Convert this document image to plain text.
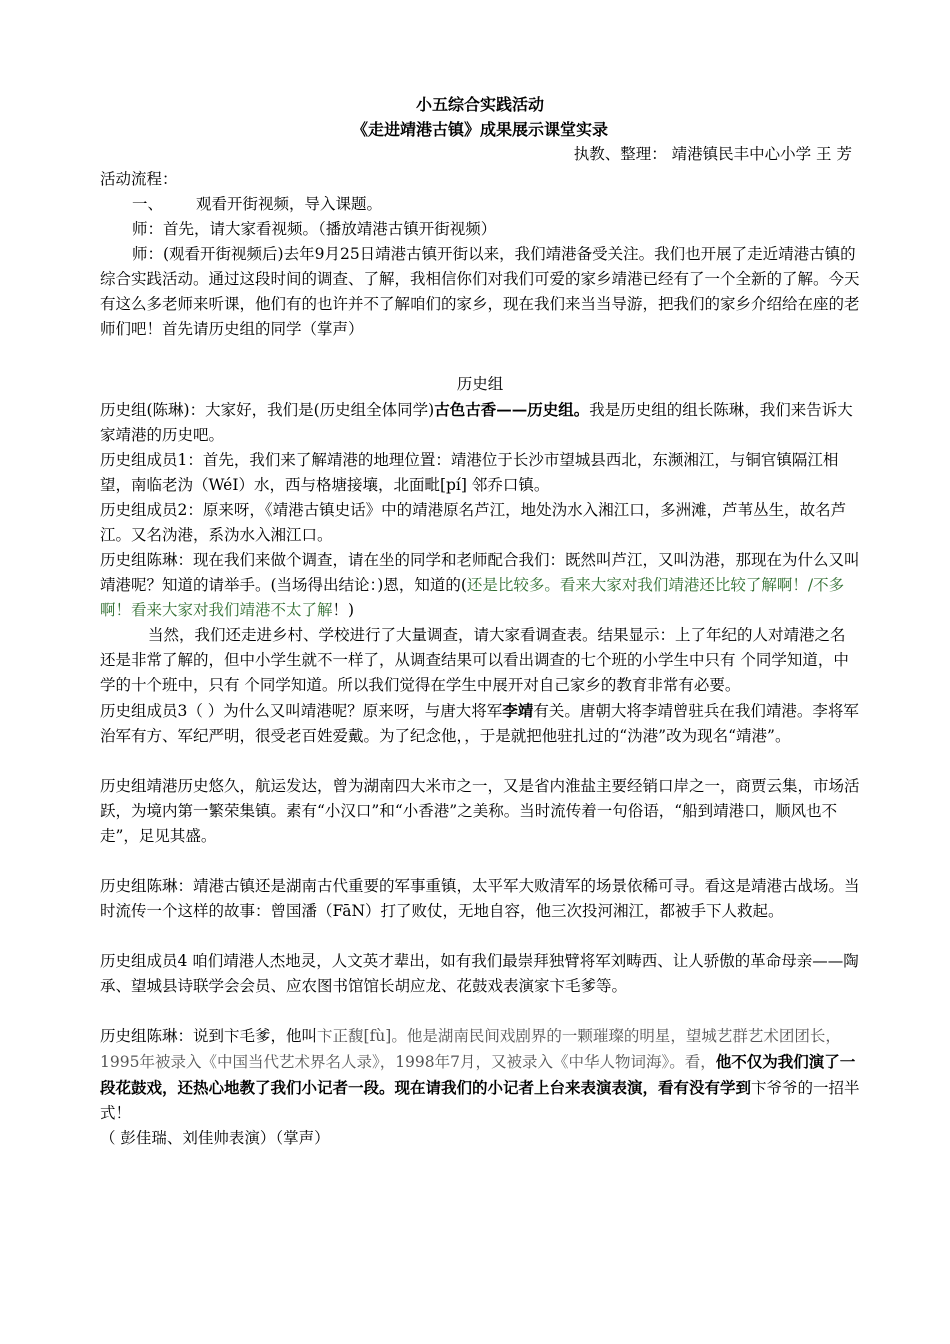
小五综合实践活动

《走进靖港古镇》成果展示课堂实录

执教、整理： 靖港镇民丰中心小学 王 芳

活动流程：

一、 观看开街视频，导入课题。

师：首先，请大家看视频。（播放靖港古镇开街视频）

师：(观看开街视频后)去年9月25日靖港古镇开街以来，我们靖港备受关注。我们也开展了走近靖港古镇的综合实践活动。通过这段时间的调查、了解，我相信你们对我们可爱的家乡靖港已经有了一个全新的了解。今天有这么多老师来听课，他们有的也许并不了解咱们的家乡，现在我们来当当导游，把我们的家乡介绍给在座的老师们吧！首先请历史组的同学（掌声）

历史组

历史组(陈琳)：大家好，我们是(历史组全体同学)古色古香——历史组。我是历史组的组长陈琳，我们来告诉大家靖港的历史吧。

历史组成员1：首先，我们来了解靖港的地理位置：靖港位于长沙市望城县西北，东濒湘江，与铜官镇隔江相望，南临老沩（WéI）水，西与格塘接壤，北面毗[pí] 邻乔口镇。

历史组成员2：原来呀，《靖港古镇史话》中的靖港原名芦江，地处沩水入湘江口，多洲滩，芦苇丛生，故名芦江。又名沩港，系沩水入湘江口。

历史组陈琳：现在我们来做个调查，请在坐的同学和老师配合我们：既然叫芦江，又叫沩港，那现在为什么又叫靖港呢？知道的请举手。(当场得出结论：)恩，知道的(还是比较多。看来大家对我们靖港还比较了解啊！/不多啊！看来大家对我们靖港不太了解！)

当然，我们还走进乡村、学校进行了大量调查，请大家看调查表。结果显示：上了年纪的人对靖港之名还是非常了解的，但中小学生就不一样了，从调查结果可以看出调查的七个班的小学生中只有 个同学知道，中学的十个班中，只有 个同学知道。所以我们觉得在学生中展开对自己家乡的教育非常有必要。

历史组成员3（ ）为什么又叫靖港呢？原来呀，与唐大将军李靖有关。唐朝大将李靖曾驻兵在我们靖港。李将军治军有方、军纪严明，很受老百姓爱戴。为了纪念他，，于是就把他驻扎过的“沩港”改为现名“靖港”。

历史组靖港历史悠久，航运发达，曾为湖南四大米市之一，又是省内淮盐主要经销口岸之一，商贾云集，市场活跃，为境内第一繁荣集镇。素有“小汉口”和“小香港”之美称。当时流传着一句俗语，“船到靖港口，顺风也不走”，足见其盛。

历史组陈琳：靖港古镇还是湖南古代重要的军事重镇，太平军大败清军的场景依稀可寻。看这是靖港古战场。当时流传一个这样的故事：曾国潘（FāN）打了败仗，无地自容，他三次投河湘江，都被手下人救起。

历史组成员4 咱们靖港人杰地灵，人文英才辈出，如有我们最崇拜独臂将军刘畴西、让人骄傲的革命母亲——陶承、望城县诗联学会会员、应农图书馆馆长胡应龙、花鼓戏表演家卞毛爹等。

历史组陈琳：说到卞毛爹，他叫卞正馥[fù]。他是湖南民间戏剧界的一颗璀璨的明星，望城艺群艺术团团长，1995年被录入《中国当代艺术界名人录》，1998年7月，又被录入《中华人物词海》。看，他不仅为我们演了一段花鼓戏，还热心地教了我们小记者一段。现在请我们的小记者上台来表演表演，看有没有学到卞爷爷的一招半式！

（ 彭佳瑞、刘佳帅表演）（掌声）
